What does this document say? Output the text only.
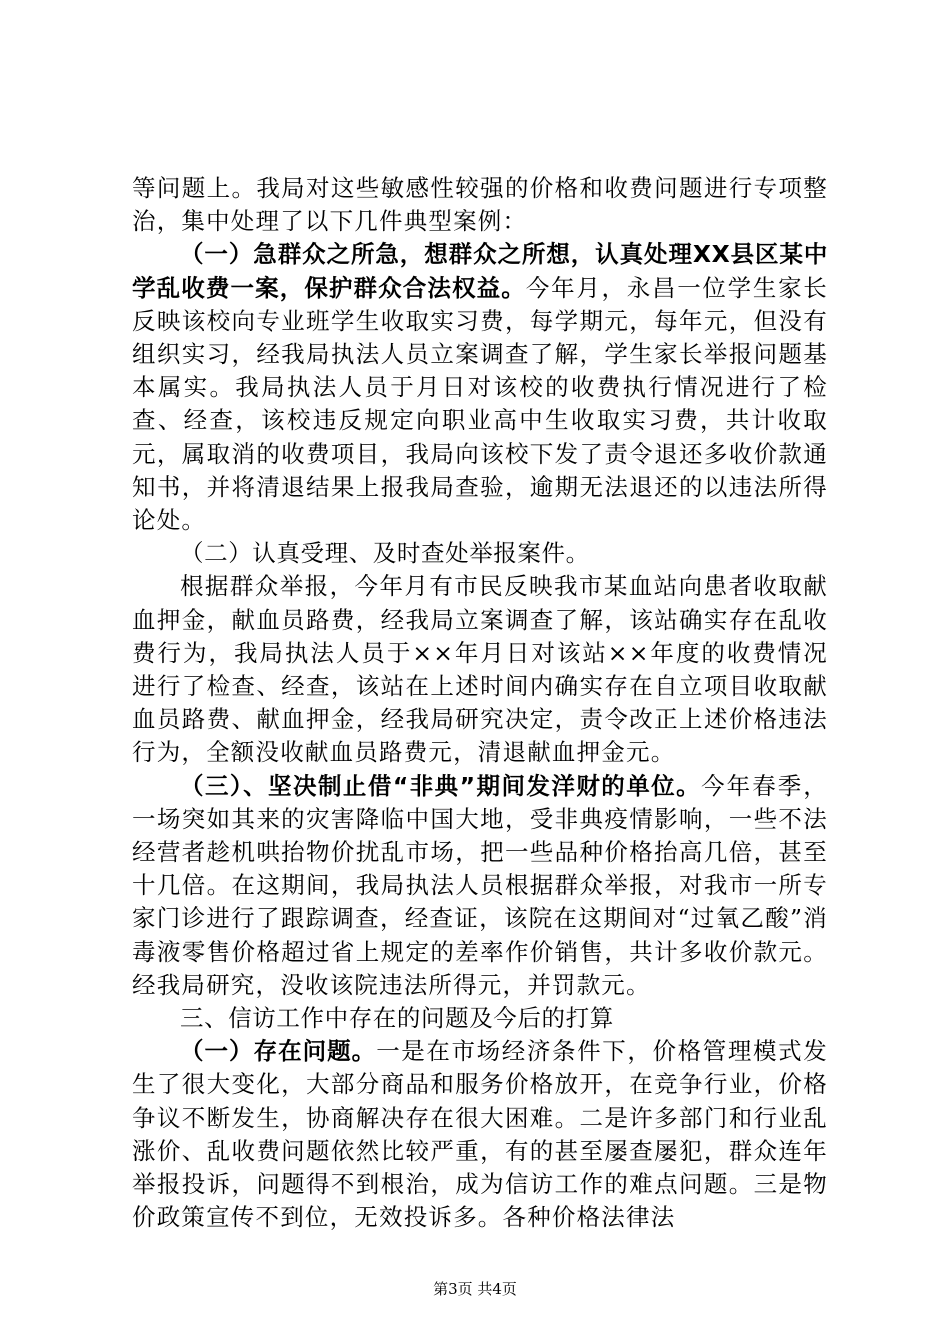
等问题上。我局对这些敏感性较强的价格和收费问题进行专项整治，集中处理了以下几件典型案例：

（一）急群众之所急，想群众之所想，认真处理XX县区某中学乱收费一案，保护群众合法权益。今年月，永昌一位学生家长反映该校向专业班学生收取实习费，每学期元，每年元，但没有组织实习，经我局执法人员立案调查了解，学生家长举报问题基本属实。我局执法人员于月日对该校的收费执行情况进行了检查、经查，该校违反规定向职业高中生收取实习费，共计收取元，属取消的收费项目，我局向该校下发了责令退还多收价款通知书，并将清退结果上报我局查验，逾期无法退还的以违法所得论处。

（二）认真受理、及时查处举报案件。

根据群众举报，今年月有市民反映我市某血站向患者收取献血押金，献血员路费，经我局立案调查了解，该站确实存在乱收费行为，我局执法人员于××年月日对该站××年度的收费情况进行了检查、经查，该站在上述时间内确实存在自立项目收取献血员路费、献血押金，经我局研究决定，责令改正上述价格违法行为，全额没收献血员路费元，清退献血押金元。

（三）、坚决制止借“非典”期间发洋财的单位。今年春季，一场突如其来的灾害降临中国大地，受非典疫情影响，一些不法经营者趁机哄抬物价扰乱市场，把一些品种价格抬高几倍，甚至十几倍。在这期间，我局执法人员根据群众举报，对我市一所专家门诊进行了跟踪调查，经查证，该院在这期间对“过氧乙酸”消毒液零售价格超过省上规定的差率作价销售，共计多收价款元。经我局研究，没收该院违法所得元，并罚款元。

三、信访工作中存在的问题及今后的打算

（一）存在问题。一是在市场经济条件下，价格管理模式发生了很大变化，大部分商品和服务价格放开，在竞争行业，价格争议不断发生，协商解决存在很大困难。二是许多部门和行业乱涨价、乱收费问题依然比较严重，有的甚至屡查屡犯，群众连年举报投诉，问题得不到根治，成为信访工作的难点问题。三是物价政策宣传不到位，无效投诉多。各种价格法律法

第3页 共4页
